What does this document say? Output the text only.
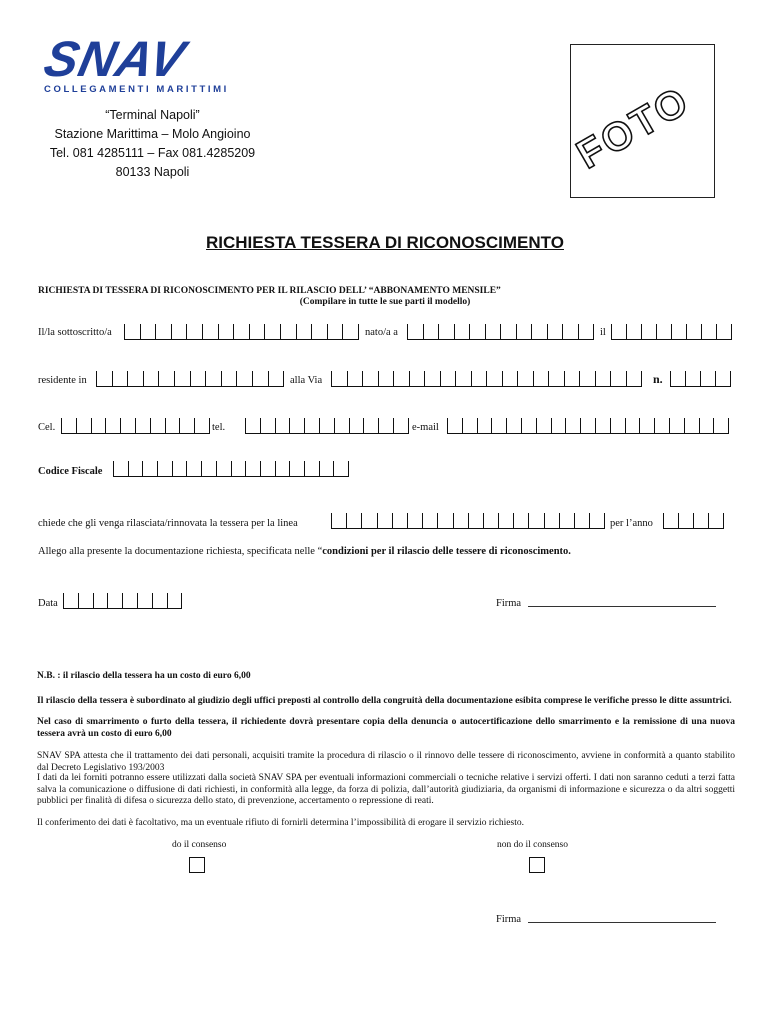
SNAV
COLLEGAMENTI MARITTIMI
“Terminal Napoli”
Stazione Marittima – Molo Angioino
Tel. 081 4285111 – Fax 081.4285209
80133 Napoli	FOTO
RICHIESTA TESSERA DI RICONOSCIMENTO
RICHIESTA DI TESSERA DI RICONOSCIMENTO PER IL RILASCIO DELL’ “ABBONAMENTO MENSILE”
(Compilare in tutte le sue parti il modello)
Il/la sottoscritto/a	nato/a a	il
residente in	alla Via	n.
Cel.	tel.	e-mail
Codice Fiscale
chiede che gli venga rilasciata/rinnovata la tessera per la linea	per l’anno
Allego alla presente la documentazione richiesta, specificata nelle “condizioni per il rilascio delle tessere di riconoscimento.
Data	Firma
N.B. : il rilascio della tessera ha un costo di euro 6,00
Il rilascio della tessera è subordinato al giudizio degli uffici preposti al controllo della congruità della documentazione esibita comprese le verifiche presso le ditte assuntrici.
Nel caso di smarrimento o furto della tessera, il richiedente dovrà presentare copia della denuncia o autocertificazione dello smarrimento e la remissione di una nuova tessera avrà un costo di euro 6,00
SNAV SPA attesta che il trattamento dei dati personali, acquisiti tramite la procedura di rilascio o il rinnovo delle tessere di riconoscimento, avviene in conformità a quanto stabilito dal Decreto Legislativo 193/2003
I dati da lei forniti potranno essere utilizzati dalla società SNAV SPA per eventuali informazioni commerciali o tecniche relative i servizi offerti. I dati non saranno ceduti a terzi fatta salva la comunicazione o diffusione di dati richiesti, in conformità alla legge, da forza di polizia, dall’autorità giudiziaria, da organismi di informazione e sicurezza o da altri soggetti pubblici per finalità di difesa o sicurezza dello stato, di prevenzione, accertamento o repressione di reati.
Il conferimento dei dati è facoltativo, ma un eventuale rifiuto di fornirli determina l’impossibilità di erogare il servizio richiesto.
do il consenso	non do il consenso
Firma
